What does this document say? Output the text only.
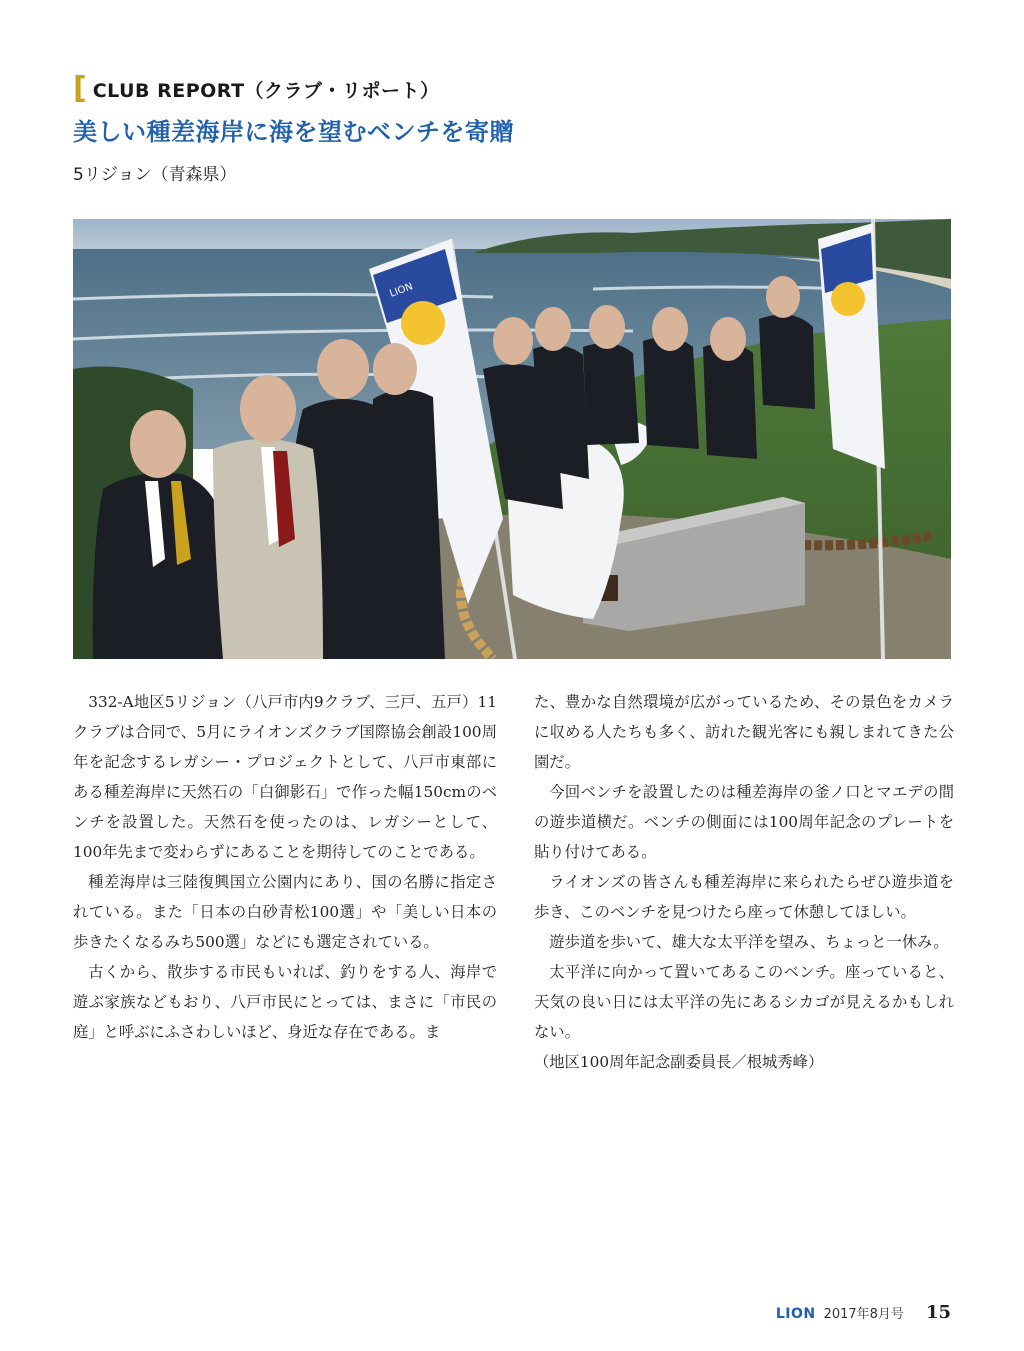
[ CLUB REPORT（クラブ・リポート）
美しい種差海岸に海を望むベンチを寄贈
5リジョン（青森県）
LION

332‐A地区5リジョン（八戸市内9クラブ、三戸、五戸）11クラブは合同で、5月にライオンズクラブ国際協会創設100周年を記念するレガシー・プロジェクトとして、八戸市東部にある種差海岸に天然石の「白御影石」で作った幅150cmのベンチを設置した。天然石を使ったのは、レガシーとして、100年先まで変わらずにあることを期待してのことである。

種差海岸は三陸復興国立公園内にあり、国の名勝に指定されている。また「日本の白砂青松100選」や「美しい日本の歩きたくなるみち500選」などにも選定されている。

古くから、散歩する市民もいれば、釣りをする人、海岸で遊ぶ家族などもおり、八戸市民にとっては、まさに「市民の庭」と呼ぶにふさわしいほど、身近な存在である。ま

た、豊かな自然環境が広がっているため、その景色をカメラに収める人たちも多く、訪れた観光客にも親しまれてきた公園だ。

今回ベンチを設置したのは種差海岸の釜ノ口とマエデの間の遊歩道横だ。ベンチの側面には100周年記念のプレートを貼り付けてある。

ライオンズの皆さんも種差海岸に来られたらぜひ遊歩道を歩き、このベンチを見つけたら座って休憩してほしい。

遊歩道を歩いて、雄大な太平洋を望み、ちょっと一休み。

太平洋に向かって置いてあるこのベンチ。座っていると、天気の良い日には太平洋の先にあるシカゴが見えるかもしれない。

（地区100周年記念副委員長／根城秀峰）

LION 2017年8月号 15
